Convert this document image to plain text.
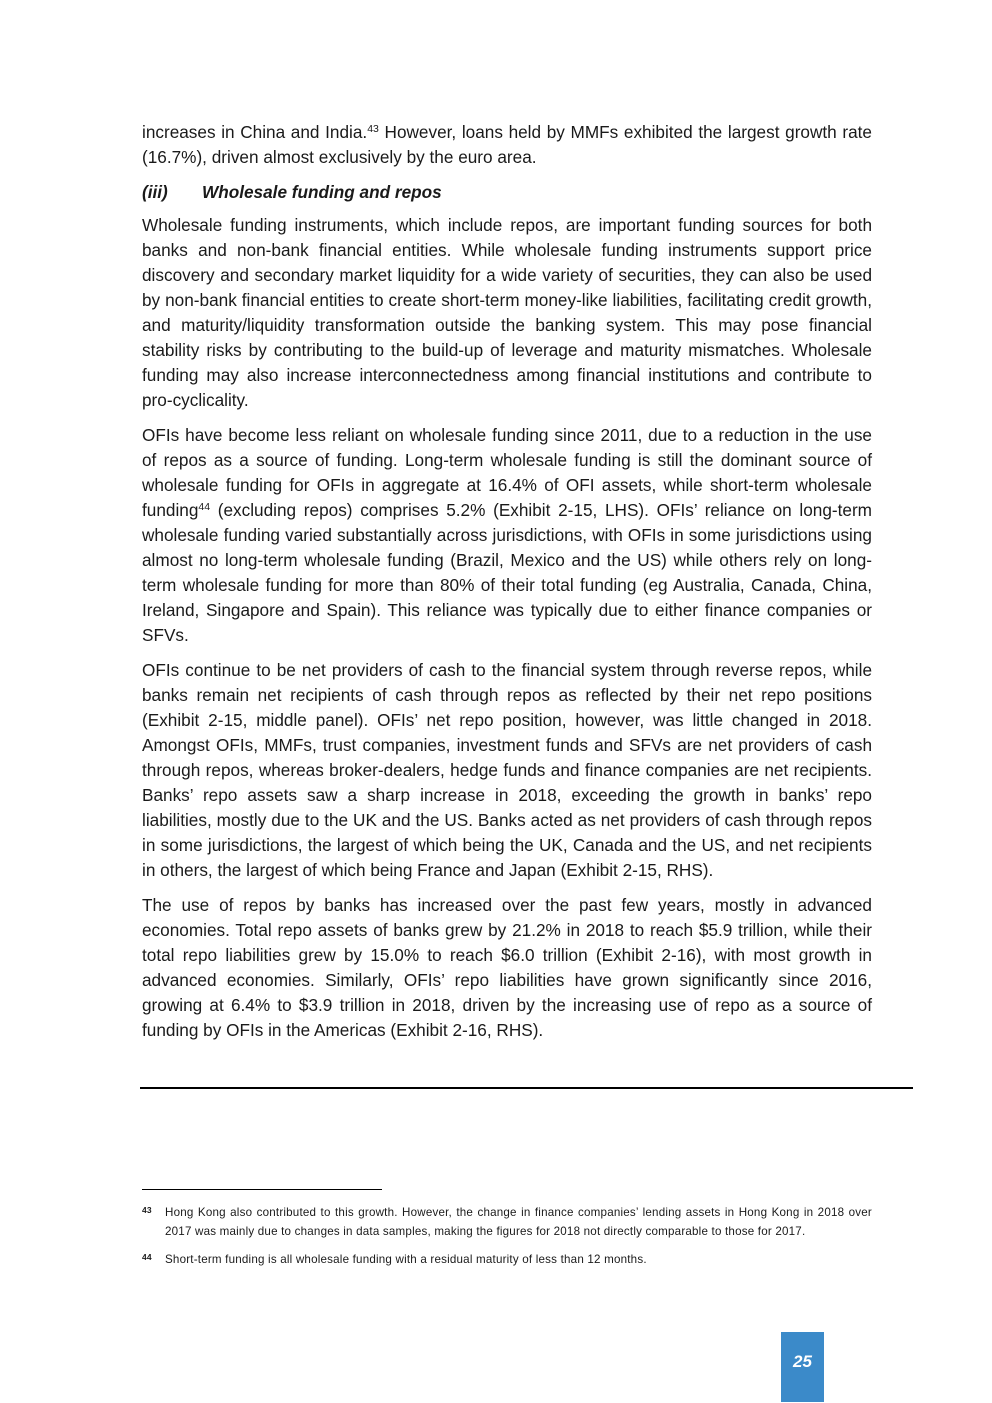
increases in China and India.$^{43}$ However, loans held by MMFs exhibited the largest growth rate (16.7%), driven almost exclusively by the euro area.

(iii)	Wholesale funding and repos

Wholesale funding instruments, which include repos, are important funding sources for both banks and non-bank financial entities. While wholesale funding instruments support price discovery and secondary market liquidity for a wide variety of securities, they can also be used by non-bank financial entities to create short-term money-like liabilities, facilitating credit growth, and maturity/liquidity transformation outside the banking system. This may pose financial stability risks by contributing to the build-up of leverage and maturity mismatches. Wholesale funding may also increase interconnectedness among financial institutions and contribute to pro-cyclicality.

OFIs have become less reliant on wholesale funding since 2011, due to a reduction in the use of repos as a source of funding. Long-term wholesale funding is still the dominant source of wholesale funding for OFIs in aggregate at 16.4% of OFI assets, while short-term wholesale funding$^{44}$ (excluding repos) comprises 5.2% (Exhibit 2-15, LHS). OFIs’ reliance on long-term wholesale funding varied substantially across jurisdictions, with OFIs in some jurisdictions using almost no long-term wholesale funding (Brazil, Mexico and the US) while others rely on long-term wholesale funding for more than 80% of their total funding (eg Australia, Canada, China, Ireland, Singapore and Spain). This reliance was typically due to either finance companies or SFVs.

OFIs continue to be net providers of cash to the financial system through reverse repos, while banks remain net recipients of cash through repos as reflected by their net repo positions (Exhibit 2-15, middle panel). OFIs’ net repo position, however, was little changed in 2018. Amongst OFIs, MMFs, trust companies, investment funds and SFVs are net providers of cash through repos, whereas broker-dealers, hedge funds and finance companies are net recipients. Banks’ repo assets saw a sharp increase in 2018, exceeding the growth in banks’ repo liabilities, mostly due to the UK and the US. Banks acted as net providers of cash through repos in some jurisdictions, the largest of which being the UK, Canada and the US, and net recipients in others, the largest of which being France and Japan (Exhibit 2-15, RHS).

The use of repos by banks has increased over the past few years, mostly in advanced economies. Total repo assets of banks grew by 21.2% in 2018 to reach $5.9 trillion, while their total repo liabilities grew by 15.0% to reach $6.0 trillion (Exhibit 2-16), with most growth in advanced economies. Similarly, OFIs’ repo liabilities have grown significantly since 2016, growing at 6.4% to $3.9 trillion in 2018, driven by the increasing use of repo as a source of funding by OFIs in the Americas (Exhibit 2-16, RHS).

43	Hong Kong also contributed to this growth. However, the change in finance companies’ lending assets in Hong Kong in 2018 over 2017 was mainly due to changes in data samples, making the figures for 2018 not directly comparable to those for 2017.
44	Short-term funding is all wholesale funding with a residual maturity of less than 12 months.
25
